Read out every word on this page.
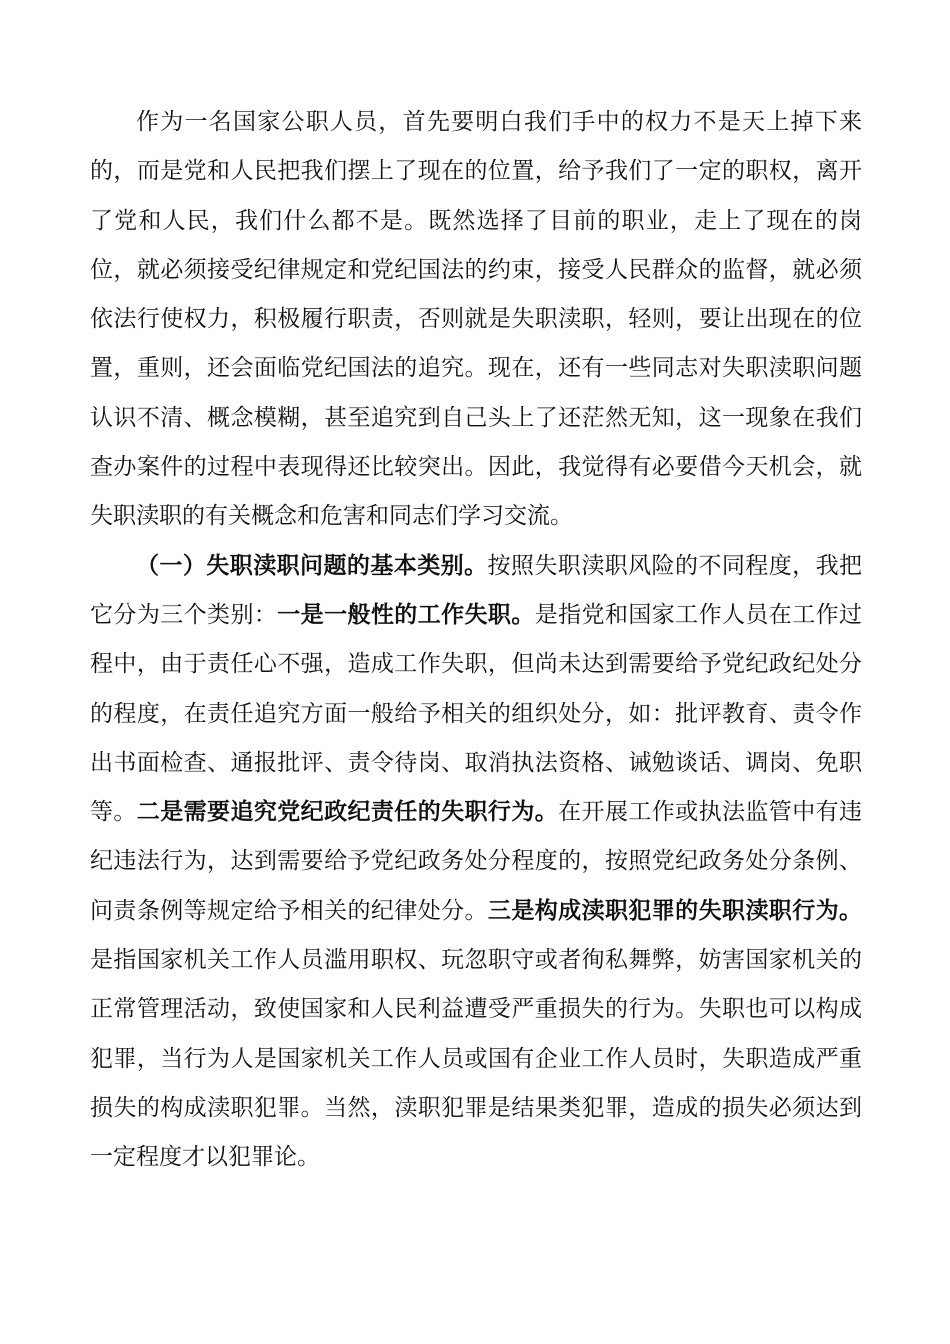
作为一名国家公职人员，首先要明白我们手中的权力不是天上掉下来的，而是党和人民把我们摆上了现在的位置，给予我们了一定的职权，离开了党和人民，我们什么都不是。既然选择了目前的职业，走上了现在的岗位，就必须接受纪律规定和党纪国法的约束，接受人民群众的监督，就必须依法行使权力，积极履行职责，否则就是失职渎职，轻则，要让出现在的位置，重则，还会面临党纪国法的追究。现在，还有一些同志对失职渎职问题认识不清、概念模糊，甚至追究到自己头上了还茫然无知，这一现象在我们查办案件的过程中表现得还比较突出。因此，我觉得有必要借今天机会，就失职渎职的有关概念和危害和同志们学习交流。

（一）失职渎职问题的基本类别。按照失职渎职风险的不同程度，我把它分为三个类别：一是一般性的工作失职。是指党和国家工作人员在工作过程中，由于责任心不强，造成工作失职，但尚未达到需要给予党纪政纪处分的程度，在责任追究方面一般给予相关的组织处分，如：批评教育、责令作出书面检查、通报批评、责令待岗、取消执法资格、诫勉谈话、调岗、免职等。二是需要追究党纪政纪责任的失职行为。在开展工作或执法监管中有违纪违法行为，达到需要给予党纪政务处分程度的，按照党纪政务处分条例、问责条例等规定给予相关的纪律处分。三是构成渎职犯罪的失职渎职行为。是指国家机关工作人员滥用职权、玩忽职守或者徇私舞弊，妨害国家机关的正常管理活动，致使国家和人民利益遭受严重损失的行为。失职也可以构成犯罪，当行为人是国家机关工作人员或国有企业工作人员时，失职造成严重损失的构成渎职犯罪。当然，渎职犯罪是结果类犯罪，造成的损失必须达到一定程度才以犯罪论。
